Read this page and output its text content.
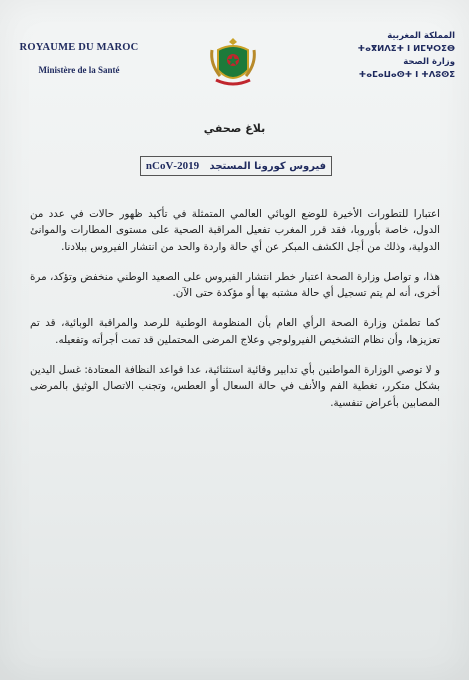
ROYAUME DU MAROC
Ministère de la Santé
المملكة المغربية
ⵜⴰⴳⵍⴷⵉⵜ ⵏ ⵍⵎⵖⵔⵉⴱ
وزارة الصحة
ⵜⴰⵎⴰⵡⴰⵙⵜ ⵏ ⵜⴷⵓⵙⵉ
بلاغ صحفي
فيروس كورونا المستجد   2019-nCoV

اعتبارا للتطورات الأخيرة للوضع الوبائي العالمي المتمثلة في تأكيد ظهور حالات في عدد من الدول، خاصة بأوروبا، فقد قرر المغرب تفعيل المراقبة الصحية على مستوى المطارات والموانئ الدولية، وذلك من أجل الكشف المبكر عن أي حالة واردة والحد من انتشار الفيروس ببلادنا.

هذا، و تواصل وزارة الصحة اعتبار خطر انتشار الفيروس على الصعيد الوطني منخفض وتؤكد، مرة أخرى، أنه لم يتم تسجيل أي حالة مشتبه بها أو مؤكدة حتى الآن.

كما تطمئن وزارة الصحة الرأي العام بأن المنظومة الوطنية للرصد والمراقبة الوبائية، قد تم تعزيزها، وأن نظام التشخيص الفيرولوجي وعلاج المرضى المحتملين قد تمت أجرأته وتفعيله.

و لا توصي الوزارة المواطنين بأي تدابير وقائية استثنائية، عدا قواعد النظافة المعتادة: غسل اليدين بشكل متكرر، تغطية الفم والأنف في حالة السعال أو العطس، وتجنب الاتصال الوثيق بالمرضى المصابين بأعراض تنفسية.
